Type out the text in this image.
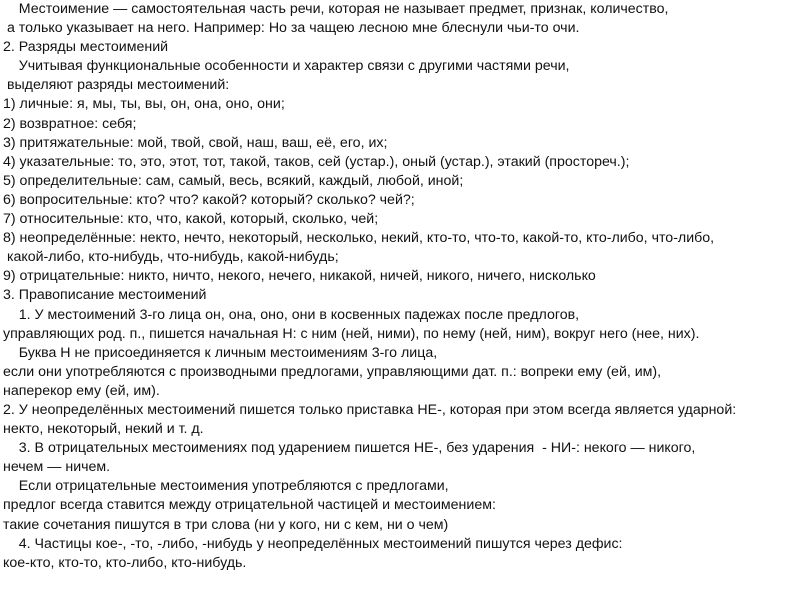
Местоимение — самостоятельная часть речи, которая не называет предмет, признак, количество,
а только указывает на него. Например: Но за чащею лесною мне блеснули чьи-то очи.
2. Разряды местоимений
Учитывая функциональные особенности и характер связи с другими частями речи,
выделяют разряды местоимений:
1) личные: я, мы, ты, вы, он, она, оно, они;
2) возвратное: себя;
3) притяжательные: мой, твой, свой, наш, ваш, её, его, их;
4) указательные: то, это, этот, тот, такой, таков, сей (устар.), оный (устар.), этакий (простореч.);
5) определительные: сам, самый, весь, всякий, каждый, любой, иной;
6) вопросительные: кто? что? какой? который? сколько? чей?;
7) относительные: кто, что, какой, который, сколько, чей;
8) неопределённые: некто, нечто, некоторый, несколько, некий, кто-то, что-то, какой-то, кто-либо, что-либо,
какой-либо, кто-нибудь, что-нибудь, какой-нибудь;
9) отрицательные: никто, ничто, некого, нечего, никакой, ничей, никого, ничего, нисколько
3. Правописание местоимений
1. У местоимений 3-го лица он, она, оно, они в косвенных падежах после предлогов,
управляющих род. п., пишется начальная Н: с ним (ней, ними), по нему (ней, ним), вокруг него (нее, них).
Буква Н не присоединяется к личным местоимениям 3-го лица,
если они употребляются с производными предлогами, управляющими дат. п.: вопреки ему (ей, им),
наперекор ему (ей, им).
2. У неопределённых местоимений пишется только приставка НЕ-, которая при этом всегда является ударной:
некто, некоторый, некий и т. д.
3. В отрицательных местоимениях под ударением пишется НЕ-, без ударения  - НИ-: некого — никого,
нечем — ничем.
Если отрицательные местоимения употребляются с предлогами,
предлог всегда ставится между отрицательной частицей и местоимением:
такие сочетания пишутся в три слова (ни у кого, ни с кем, ни о чем)
4. Частицы кое-, -то, -либо, -нибудь у неопределённых местоимений пишутся через дефис:
кое-кто, кто-то, кто-либо, кто-нибудь.
